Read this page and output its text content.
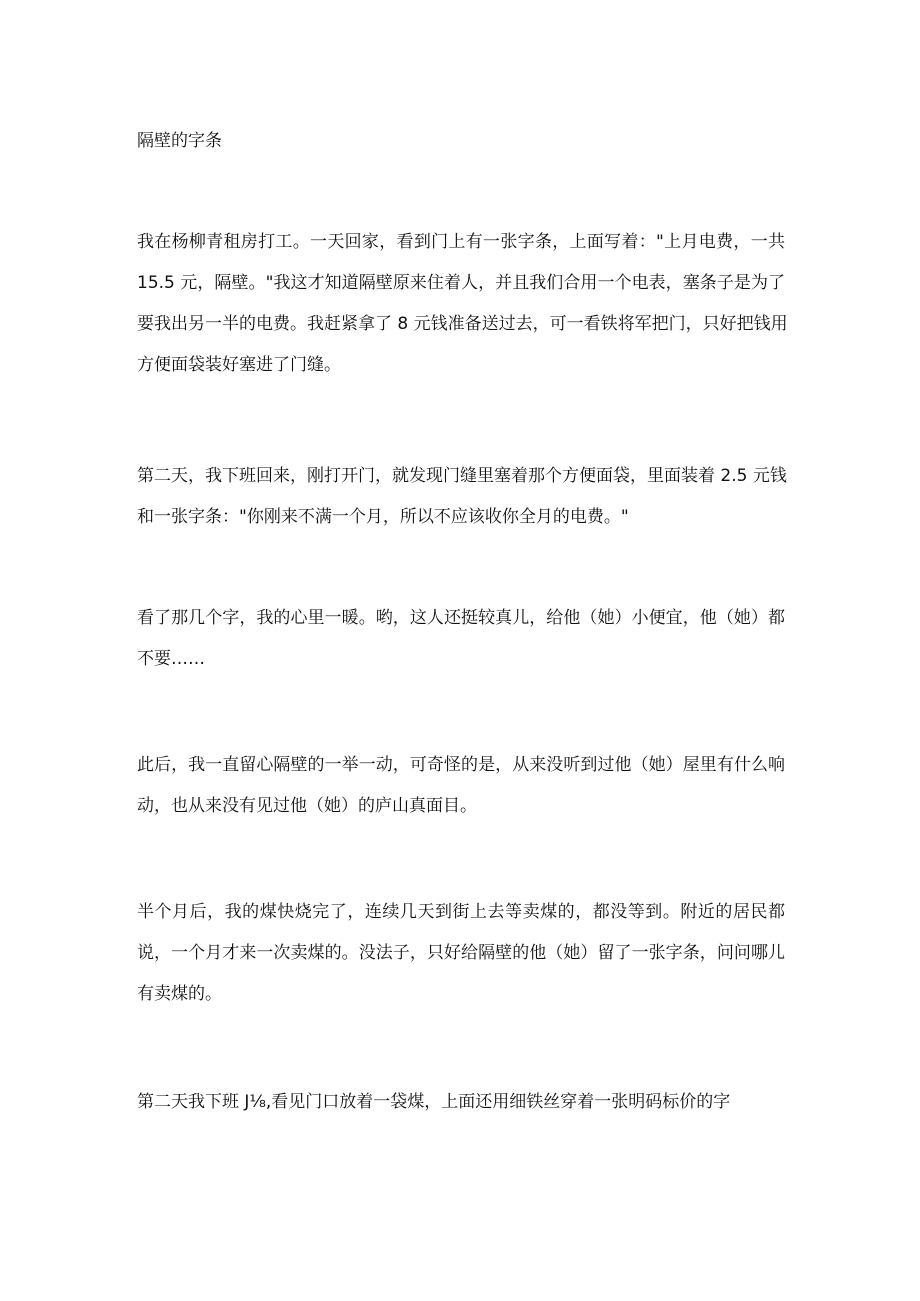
隔壁的字条
我在杨柳青租房打工。一天回家，看到门上有一张字条，上面写着："上月电费，一共
15.5 元，隔壁。"我这才知道隔壁原来住着人，并且我们合用一个电表，塞条子是为了
要我出另一半的电费。我赶紧拿了 8 元钱准备送过去，可一看铁将军把门，只好把钱用
方便面袋装好塞进了门缝。
第二天，我下班回来，刚打开门，就发现门缝里塞着那个方便面袋，里面装着 2.5 元钱
和一张字条："你刚来不满一个月，所以不应该收你全月的电费。"
看了那几个字，我的心里一暖。哟，这人还挺较真儿，给他（她）小便宜，他（她）都
不要……
此后，我一直留心隔壁的一举一动，可奇怪的是，从来没听到过他（她）屋里有什么响
动，也从来没有见过他（她）的庐山真面目。
半个月后，我的煤快烧完了，连续几天到街上去等卖煤的，都没等到。附近的居民都
说，一个月才来一次卖煤的。没法子，只好给隔壁的他（她）留了一张字条，问问哪儿
有卖煤的。
第二天我下班 J⅛,看见门口放着一袋煤，上面还用细铁丝穿着一张明码标价的字
